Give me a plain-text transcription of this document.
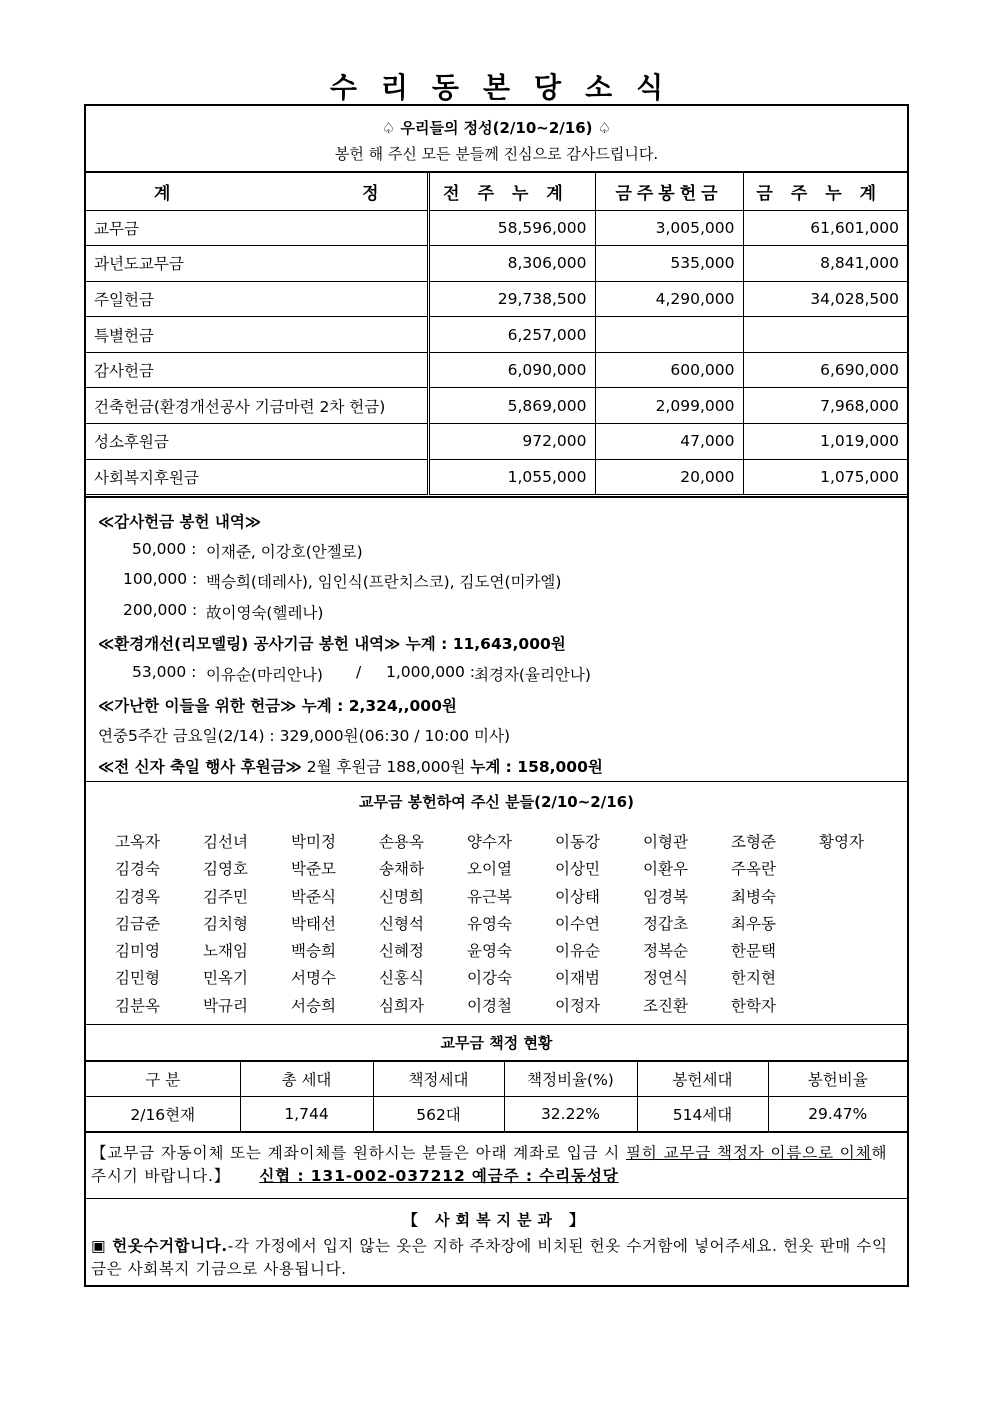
수리동본당소식
♤ 우리들의 정성(2/10~2/16) ♤
봉헌 해 주신 모든 분들께 진심으로 감사드립니다.
계 정	전주누계	금주봉헌금	금주누계
교무금	58,596,000	3,005,000	61,601,000
과년도교무금	8,306,000	535,000	8,841,000
주일헌금	29,738,500	4,290,000	34,028,500
특별헌금	6,257,000		
감사헌금	6,090,000	600,000	6,690,000
건축헌금(환경개선공사 기금마련 2차 헌금)	5,869,000	2,099,000	7,968,000
성소후원금	972,000	47,000	1,019,000
사회복지후원금	1,055,000	20,000	1,075,000
≪감사헌금 봉헌 내역≫
50,000 : 이재준, 이강호(안젤로)
100,000 : 백승희(데레사), 임인식(프란치스코), 김도연(미카엘)
200,000 : 故이영숙(헬레나)
≪환경개선(리모델링) 공사기금 봉헌 내역≫ 누계 : 11,643,000원
53,000 : 이유순(마리안나) / 1,000,000 :
최경자(율리안나)
≪가난한 이들을 위한 헌금≫ 누계 : 2,324,,000원
연중5주간 금요일(2/14) : 329,000원(06:30 / 10:00 미사)
≪전 신자 축일 행사 후원금≫ 2월 후원금 188,000원 누계 : 158,000원
교무금 봉헌하여 주신 분들(2/10~2/16)
고옥자	김선녀	박미정	손용옥	양수자	이동강	이형관	조형준	황영자
김경숙	김영호	박준모	송채하	오이열	이상민	이환우	주옥란
김경옥	김주민	박준식	신명희	유근복	이상태	임경복	최병숙
김금준	김치형	박태선	신형석	유영숙	이수연	정갑초	최우동
김미영	노재임	백승희	신혜정	윤영숙	이유순	정복순	한문택
김민형	민옥기	서명수	신홍식	이강숙	이재범	정연식	한지현
김분옥	박규리	서승희	심희자	이경철	이정자	조진환	한학자
교무금 책정 현황
구 분	총 세대	책정세대	책정비율(%)	봉헌세대	봉헌비율
2/16현재	1,744	562대	32.22%	514세대	29.47%
【교무금 자동이체 또는 계좌이체를 원하시는 분들은 아래 계좌로 입금 시 필히 교무금 책정자 이름으로 이체해 주시기 바랍니다.】 신협 : 131-002-037212 예금주 : 수리동성당
【 사회복지분과 】
▣ 헌옷수거합니다.-각 가정에서 입지 않는 옷은 지하 주차장에 비치된 헌옷 수거함에 넣어주세요. 헌옷 판매 수익금은 사회복지 기금으로 사용됩니다.
